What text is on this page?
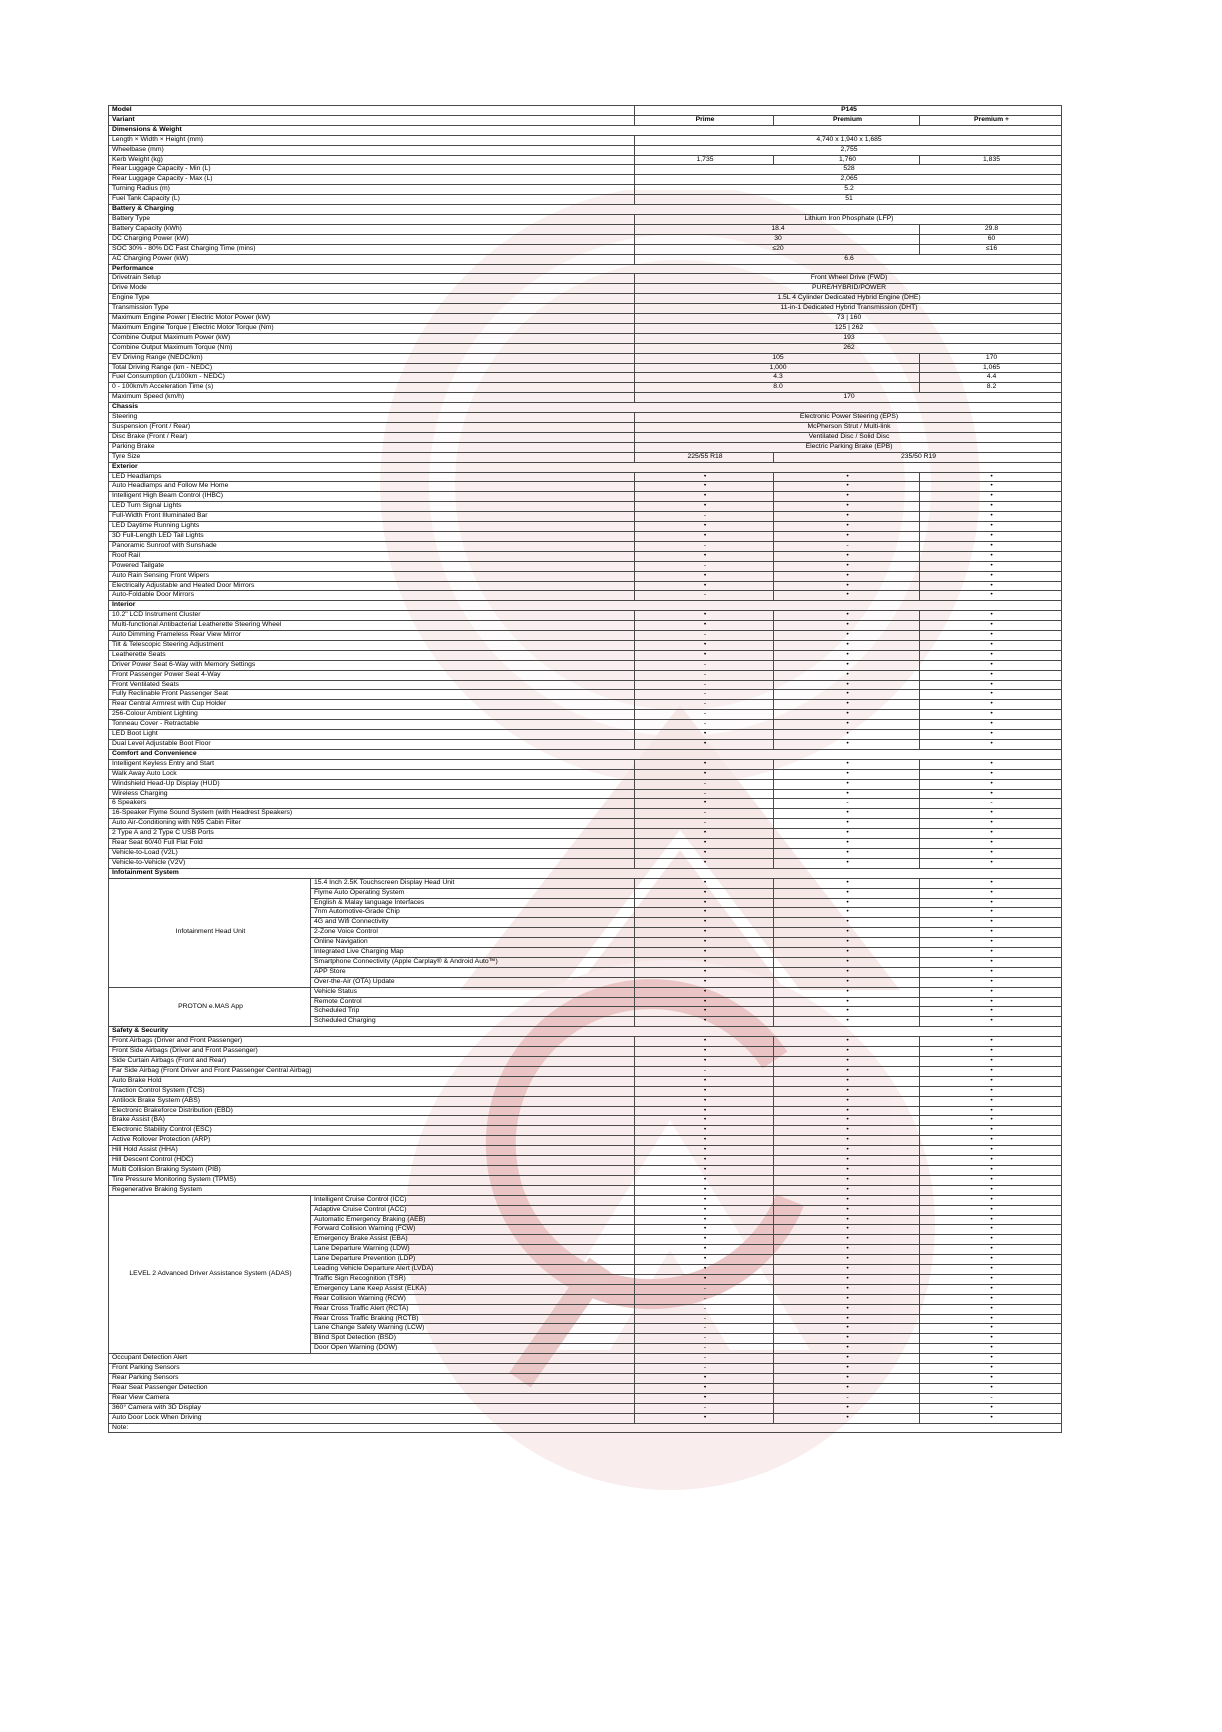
Model		P145		
Variant		Prime	Premium	Premium +
Dimensions & Weight				
Length × Width × Height (mm)		4,740 x 1,940 x 1,685		
Wheelbase (mm)		2,755		
Kerb Weight (kg)		1,735	1,760	1,835
Rear Luggage Capacity - Min (L)		528		
Rear Luggage Capacity - Max (L)		2,065		
Turning Radius (m)		5.2		
Fuel Tank Capacity (L)		51		
Battery & Charging				
Battery Type		Lithium Iron Phosphate (LFP)		
Battery Capacity (kWh)		18.4		29.8
DC Charging Power (kW)		30		60
SOC 30% - 80% DC Fast Charging Time (mins)		≤20		≤16
AC Charging Power (kW)		6.6		
Performance				
Drivetrain Setup		Front Wheel Drive (FWD)		
Drive Mode		PURE/HYBRID/POWER		
Engine Type		1.5L 4 Cylinder Dedicated Hybrid Engine (DHE)		
Transmission Type		11-in-1 Dedicated Hybrid Transmission (DHT)		
Maximum Engine Power | Electric Motor Power (kW)		73 | 160		
Maximum Engine Torque | Electric Motor Torque (Nm)		125 | 262		
Combine Output Maximum Power (kW)		193		
Combine Output Maximum Torque (Nm)		262		
EV Driving Range (NEDC/km)		105		170
Total Driving Range (km - NEDC)		1,000		1,065
Fuel Consumption (L/100km - NEDC)		4.3		4.4
0 - 100km/h Acceleration Time (s)		8.0		8.2
Maximum Speed (km/h)		170		
Chassis				
Steering		Electronic Power Steering (EPS)		
Suspension (Front / Rear)		McPherson Strut / Multi-link		
Disc Brake (Front / Rear)		Ventilated Disc / Solid Disc		
Parking Brake		Electric Parking Brake (EPB)		
Tyre Size		225/55 R18	235/50 R19	
Exterior				
LED Headlamps		•	•	•
Auto Headlamps and Follow Me Home		•	•	•
Intelligent High Beam Control (IHBC)		•	•	•
LED Turn Signal Lights		•	•	•
Full-Width Front Illuminated Bar		-	•	•
LED Daytime Running Lights		•	•	•
3D Full-Length LED Tail Lights		•	•	•
Panoramic Sunroof with Sunshade		-	-	•
Roof Rail		•	•	•
Powered Tailgate		-	•	•
Auto Rain Sensing Front Wipers		•	•	•
Electrically Adjustable and Heated Door Mirrors		•	•	•
Auto-Foldable Door Mirrors		-	•	•
Interior				
10.2" LCD Instrument Cluster		•	•	•
Multi-functional Antibacterial Leatherette Steering Wheel		•	•	•
Auto Dimming Frameless Rear View Mirror		-	•	•
Tilt & Telescopic Steering Adjustment		•	•	•
Leatherette Seats		•	•	•
Driver Power Seat 6-Way with Memory Settings		-	•	•
Front Passenger Power Seat 4-Way		-	•	•
Front Ventilated Seats		-	•	•
Fully Reclinable Front Passenger Seat		-	•	•
Rear Central Armrest with Cup Holder		-	•	•
256-Colour Ambient Lighting		-	•	•
Tonneau Cover - Retractable		-	•	•
LED Boot Light		•	•	•
Dual Level Adjustable Boot Floor		•	•	•
Comfort and Convenience				
Intelligent Keyless Entry and Start		•	•	•
Walk Away Auto Lock		•	•	•
Windshield Head-Up Display (HUD)		-	•	•
Wireless Charging		-	•	•
6 Speakers		•	-	-
16-Speaker Flyme Sound System (with Headrest Speakers)		-	•	•
Auto Air-Conditioning with N95 Cabin Filter		-	•	•
2 Type A and 2 Type C USB Ports		•	•	•
Rear Seat 60/40 Full Flat Fold		•	•	•
Vehicle-to-Load (V2L)		•	•	•
Vehicle-to-Vehicle (V2V)		•	•	•
Infotainment System				
Infotainment Head Unit	15.4 Inch 2.5K Touchscreen Display Head Unit	•	•	•
	Flyme Auto Operating System	•	•	•
	English & Malay language Interfaces	•	•	•
	7nm Automotive-Grade Chip	•	•	•
	4G and Wifi Connectivity	•	•	•
	2-Zone Voice Control	•	•	•
	Online Navigation	•	•	•
	Integrated Live Charging Map	•	•	•
	Smartphone Connectivity (Apple Carplay® & Android Auto™)	•	•	•
	APP Store	•	•	•
	Over-the-Air (OTA) Update	•	•	•
PROTON e.MAS App	Vehicle Status	•	•	•
	Remote Control	•	•	•
	Scheduled Trip	•	•	•
	Scheduled Charging	•	•	•
Safety & Security				
Front Airbags (Driver and Front Passenger)		•	•	•
Front Side Airbags (Driver and Front Passenger)		•	•	•
Side Curtain Airbags (Front and Rear)		•	•	•
Far Side Airbag (Front Driver and Front Passenger Central Airbag)		-	•	•
Auto Brake Hold		•	•	•
Traction Control System (TCS)		•	•	•
Antilock Brake System (ABS)		•	•	•
Electronic Brakeforce Distribution (EBD)		•	•	•
Brake Assist (BA)		•	•	•
Electronic Stability Control (ESC)		•	•	•
Active Rollover Protection (ARP)		•	•	•
Hill Hold Assist (HHA)		•	•	•
Hill Descent Control (HDC)		•	•	•
Multi Collision Braking System (PIB)		•	•	•
Tire Pressure Monitoring System (TPMS)		•	•	•
Regenerative Braking System		•	•	•
LEVEL 2 Advanced Driver Assistance System (ADAS)	Intelligent Cruise Control (ICC)	•	•	•
	Adaptive Cruise Control (ACC)	•	•	•
	Automatic Emergency Braking (AEB)	•	•	•
	Forward Collision Warning (FCW)	•	•	•
	Emergency Brake Assist (EBA)	•	•	•
	Lane Departure Warning (LDW)	•	•	•
	Lane Departure Prevention (LDP)	•	•	•
	Leading Vehicle Departure Alert (LVDA)	•	•	•
	Traffic Sign Recognition (TSR)	•	•	•
	Emergency Lane Keep Assist (ELKA)	-	•	•
	Rear Collision Warning (RCW)	-	•	•
	Rear Cross Traffic Alert (RCTA)	-	•	•
	Rear Cross Traffic Braking (RCTB)	-	•	•
	Lane Change Safety Warning (LCW)	-	•	•
	Blind Spot Detection (BSD)	-	•	•
	Door Open Warning (DOW)	-	•	•
Occupant Detection Alert		-	•	•
Front Parking Sensors		-	•	•
Rear Parking Sensors		•	•	•
Rear Seat Passenger Detection		•	•	•
Rear View Camera		•	-	-
360° Camera with 3D Display		-	•	•
Auto Door Lock When Driving		•	•	•
Note:				
